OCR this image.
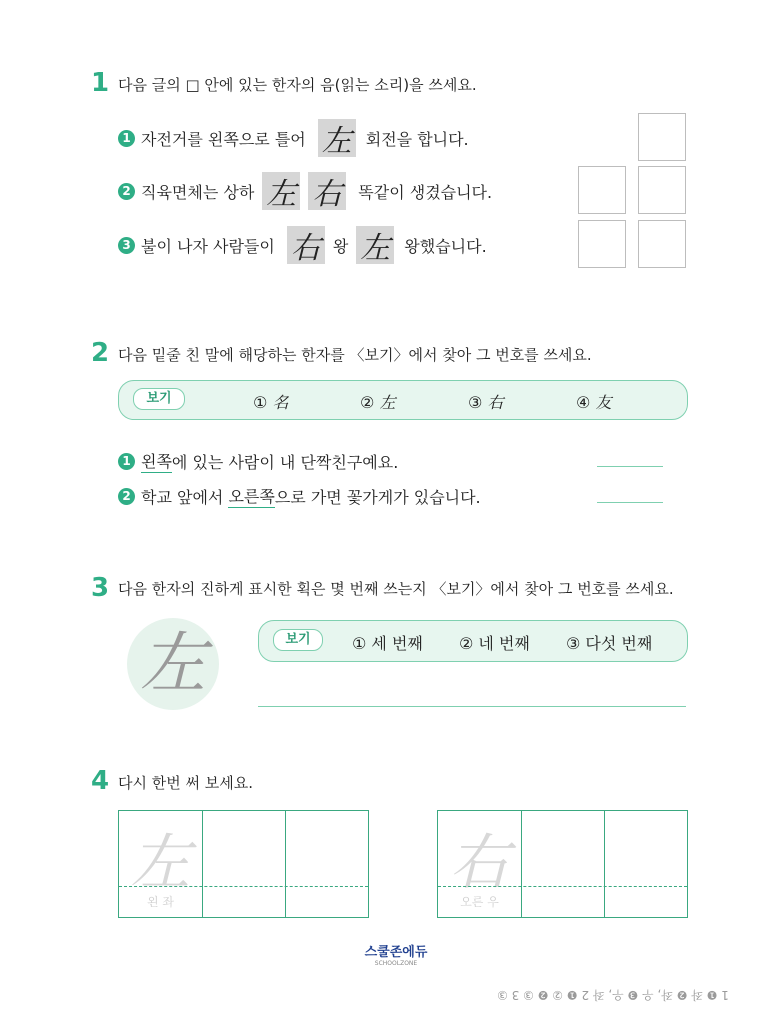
1 다음 글의 □ 안에 있는 한자의 음(읽는 소리)을 쓰세요.
1 자전거를 왼쪽으로 틀어 左 회전을 합니다.
2 직육면체는 상하 左 右 똑같이 생겼습니다.
3 불이 나자 사람들이 右 왕 左 왕했습니다.
2 다음 밑줄 친 말에 해당하는 한자를 〈보기〉에서 찾아 그 번호를 쓰세요.
보기	① 名	② 左	③ 右	④ 友
1 왼쪽 에 있는 사람이 내 단짝친구예요.
2 학교 앞에서 오른쪽 으로 가면 꽃가게가 있습니다.
3 다음 한자의 진하게 표시한 획은 몇 번째 쓰는지 〈보기〉에서 찾아 그 번호를 쓰세요.
左	보기	① 세 번째 ② 네 번째 ③ 다섯 번째
4 다시 한번 써 보세요.
左
왼 좌
右
오른 우
스쿨존에듀
SCHOOLZONE
1 ❶ 좌 ❷ 좌, 우 ❸ 우, 좌 2 ❶ ② ❷ ③ 3 ③
